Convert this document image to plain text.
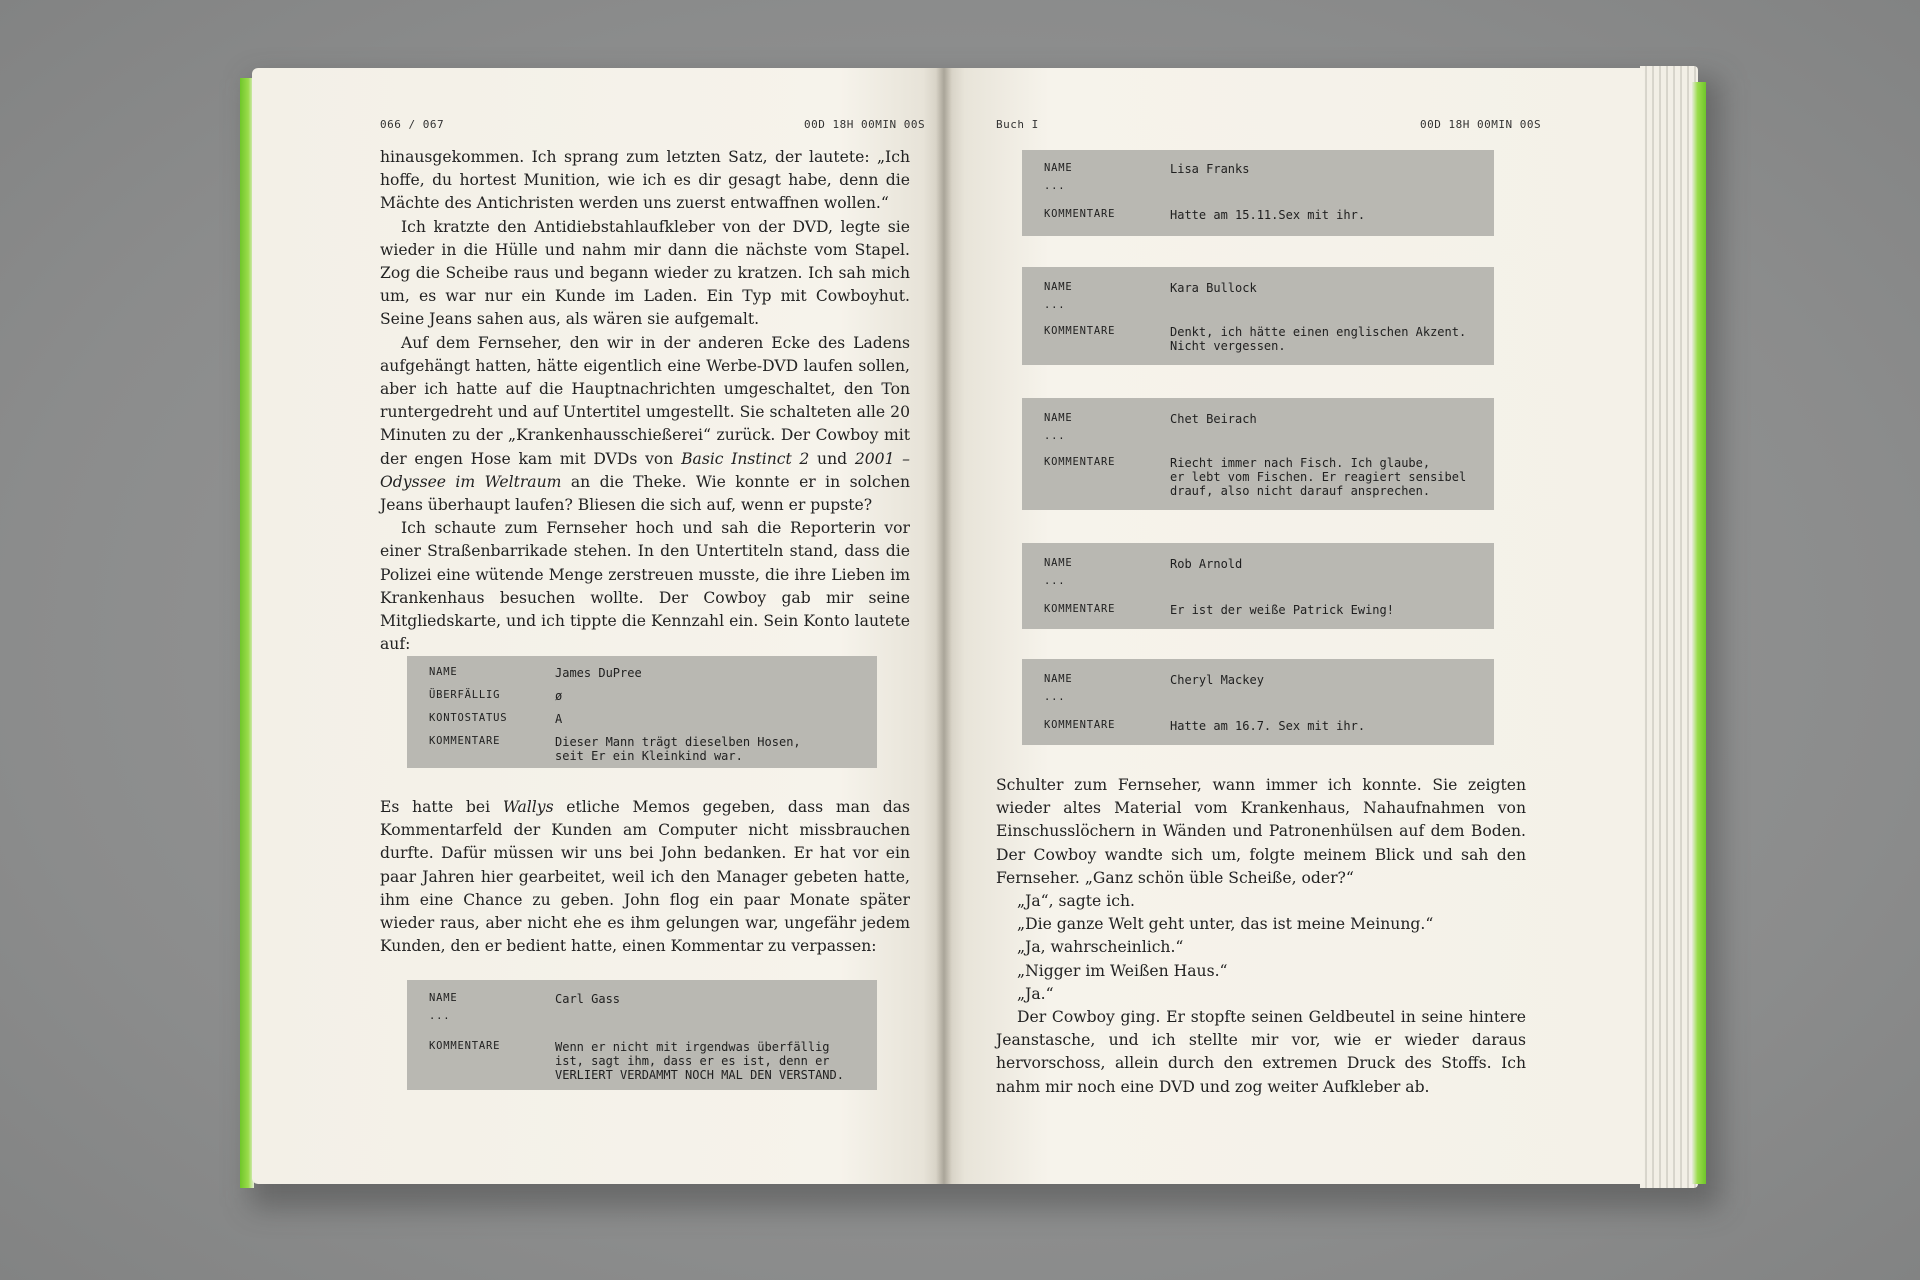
066 / 067	00D 18H 00MIN 00S

hinausgekommen. Ich sprang zum letzten Satz, der lautete: „Ich hoffe, du hortest Munition, wie ich es dir gesagt habe, denn die Mächte des Antichristen werden uns zuerst entwaffnen wollen.“

Ich kratzte den Antidiebstahlaufkleber von der DVD, legte sie wieder in die Hülle und nahm mir dann die nächste vom Stapel. Zog die Scheibe raus und begann wieder zu kratzen. Ich sah mich um, es war nur ein Kunde im Laden. Ein Typ mit Cowboyhut. Seine Jeans sahen aus, als wären sie aufgemalt.

Auf dem Fernseher, den wir in der anderen Ecke des Ladens aufgehängt hatten, hätte eigentlich eine Werbe-DVD laufen sollen, aber ich hatte auf die Hauptnachrichten umgeschaltet, den Ton runtergedreht und auf Untertitel umgestellt. Sie schalteten alle 20 Minuten zu der „Krankenhausschießerei“ zurück. Der Cowboy mit der engen Hose kam mit DVDs von Basic Instinct 2 und 2001 – Odyssee im Weltraum an die Theke. Wie konnte er in solchen Jeans überhaupt laufen? Bliesen die sich auf, wenn er pupste?

Ich schaute zum Fernseher hoch und sah die Reporterin vor einer Straßenbarrikade stehen. In den Untertiteln stand, dass die Polizei eine wütende Menge zerstreuen musste, die ihre Lieben im Krankenhaus besuchen wollte. Der Cowboy gab mir seine Mitgliedskarte, und ich tippte die Kennzahl ein. Sein Konto lautete auf:

NAME	James DuPree
ÜBERFÄLLIG	ø
KONTOSTATUS	A
KOMMENTARE	Dieser Mann trägt dieselben Hosen,
seit Er ein Kleinkind war.

Es hatte bei Wallys etliche Memos gegeben, dass man das Kommentarfeld der Kunden am Computer nicht missbrauchen durfte. Dafür müssen wir uns bei John bedanken. Er hat vor ein paar Jahren hier gearbeitet, weil ich den Manager gebeten hatte, ihm eine Chance zu geben. John flog ein paar Monate später wieder raus, aber nicht ehe es ihm gelungen war, ungefähr jedem Kunden, den er bedient hatte, einen Kommentar zu verpassen:

NAME	Carl Gass
...
KOMMENTARE	Wenn er nicht mit irgendwas überfällig
ist, sagt ihm, dass er es ist, denn er
VERLIERT VERDAMMT NOCH MAL DEN VERSTAND.
Buch I	00D 18H 00MIN 00S
NAME	Lisa Franks
...
KOMMENTARE	Hatte am 15.11.Sex mit ihr.
NAME	Kara Bullock
...
KOMMENTARE	Denkt, ich hätte einen englischen Akzent.
Nicht vergessen.
NAME	Chet Beirach
...
KOMMENTARE	Riecht immer nach Fisch. Ich glaube,
er lebt vom Fischen. Er reagiert sensibel
drauf, also nicht darauf ansprechen.
NAME	Rob Arnold
...
KOMMENTARE	Er ist der weiße Patrick Ewing!
NAME	Cheryl Mackey
...
KOMMENTARE	Hatte am 16.7. Sex mit ihr.

Schulter zum Fernseher, wann immer ich konnte. Sie zeigten wieder altes Material vom Krankenhaus, Nahaufnahmen von Einschusslöchern in Wänden und Patronenhülsen auf dem Boden. Der Cowboy wandte sich um, folgte meinem Blick und sah den Fernseher. „Ganz schön üble Scheiße, oder?“

„Ja“, sagte ich.

„Die ganze Welt geht unter, das ist meine Meinung.“

„Ja, wahrscheinlich.“

„Nigger im Weißen Haus.“

„Ja.“

Der Cowboy ging. Er stopfte seinen Geldbeutel in seine hintere Jeanstasche, und ich stellte mir vor, wie er wieder daraus hervorschoss, allein durch den extremen Druck des Stoffs. Ich nahm mir noch eine DVD und zog weiter Aufkleber ab.
